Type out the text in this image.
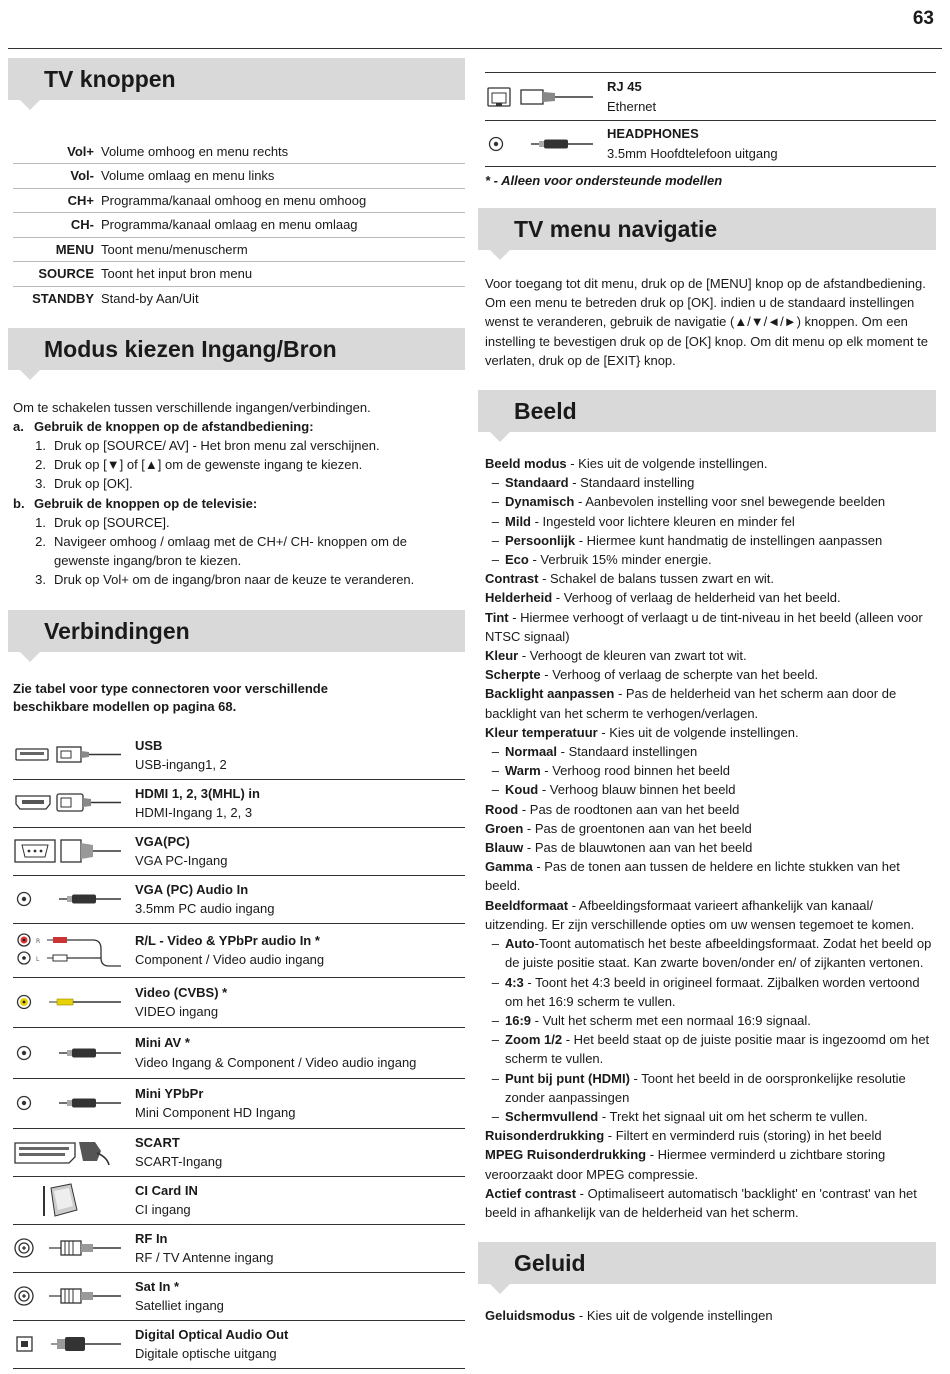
63
TV knoppen
Vol+	Volume omhoog en menu rechts
Vol-	Volume omlaag en menu links
CH+	Programma/kanaal omhoog en menu omhoog
CH-	Programma/kanaal omlaag en menu omlaag
MENU	Toont menu/menuscherm
SOURCE	Toont het input bron menu
STANDBY	Stand-by Aan/Uit
Modus kiezen Ingang/Bron
Om te schakelen tussen verschillende ingangen/verbindingen.
a. Gebruik de knoppen op de afstandbediening:
1. Druk op [SOURCE/ AV] - Het bron menu zal verschijnen.
2. Druk op [▼] of [▲] om de gewenste ingang te kiezen.
3. Druk op [OK].
b. Gebruik de knoppen op de televisie:
1. Druk op [SOURCE].
2. Navigeer omhoog / omlaag met de CH+/ CH- knoppen om de gewenste ingang/bron te kiezen.
3. Druk op Vol+ om de ingang/bron naar de keuze te veranderen.
Verbindingen
Zie tabel voor type connectoren voor verschillende beschikbare modellen op pagina 68.
USB
USB-ingang1, 2
HDMI 1, 2, 3(MHL) in
HDMI-Ingang 1, 2, 3
VGA(PC)
VGA PC-Ingang
VGA (PC) Audio In
3.5mm PC audio ingang
R
L
R/L - Video & YPbPr audio In *
Component / Video audio ingang
Video (CVBS) *
VIDEO ingang
Mini AV *
Video Ingang & Component / Video audio ingang
Mini YPbPr
Mini Component HD Ingang
SCART
SCART-Ingang
CI Card IN
CI ingang
RF In
RF / TV Antenne ingang
Sat In *
Satelliet ingang
Digital Optical Audio Out
Digitale optische uitgang
RJ 45
Ethernet
HEADPHONES
3.5mm Hoofdtelefoon uitgang
* - Alleen voor ondersteunde modellen
TV menu navigatie
Voor toegang tot dit menu, druk op de [MENU] knop op de afstandbediening. Om een menu te betreden druk op [OK]. indien u de standaard instellingen wenst te veranderen, gebruik de navigatie (▲/▼/◄/►) knoppen. Om een instelling te bevestigen druk op de [OK] knop. Om dit menu op elk moment te verlaten, druk op de [EXIT} knop.
Beeld
Beeld modus - Kies uit de volgende instellingen.
– Standaard - Standaard instelling
– Dynamisch - Aanbevolen instelling voor snel bewegende beelden
– Mild - Ingesteld voor lichtere kleuren en minder fel
– Persoonlijk - Hiermee kunt handmatig de instellingen aanpassen
– Eco - Verbruik 15% minder energie.
Contrast - Schakel de balans tussen zwart en wit.
Helderheid - Verhoog of verlaag de helderheid van het beeld.
Tint - Hiermee verhoogt of verlaagt u de tint-niveau in het beeld (alleen voor NTSC signaal)
Kleur - Verhoogt de kleuren van zwart tot wit.
Scherpte - Verhoog of verlaag de scherpte van het beeld.
Backlight aanpassen - Pas de helderheid van het scherm aan door de backlight van het scherm te verhogen/verlagen.
Kleur temperatuur - Kies uit de volgende instellingen.
– Normaal - Standaard instellingen
– Warm - Verhoog rood binnen het beeld
– Koud - Verhoog blauw binnen het beeld
Rood - Pas de roodtonen aan van het beeld
Groen - Pas de groentonen aan van het beeld
Blauw - Pas de blauwtonen aan van het beeld
Gamma - Pas de tonen aan tussen de heldere en lichte stukken van het beeld.
Beeldformaat - Afbeeldingsformaat varieert afhankelijk van kanaal/ uitzending. Er zijn verschillende opties om uw wensen tegemoet te komen.
– Auto-Toont automatisch het beste afbeeldingsformaat. Zodat het beeld op de juiste positie staat. Kan zwarte boven/onder en/ of zijkanten vertonen.
– 4:3 - Toont het 4:3 beeld in origineel formaat. Zijbalken worden vertoond om het 16:9 scherm te vullen.
– 16:9 - Vult het scherm met een normaal 16:9 signaal.
– Zoom 1/2 - Het beeld staat op de juiste positie maar is ingezoomd om het scherm te vullen.
– Punt bij punt (HDMI) - Toont het beeld in de oorspronkelijke resolutie zonder aanpassingen
– Schermvullend - Trekt het signaal uit om het scherm te vullen.
Ruisonderdrukking - Filtert en verminderd ruis (storing) in het beeld
MPEG Ruisonderdrukking - Hiermee verminderd u zichtbare storing veroorzaakt door MPEG compressie.
Actief contrast - Optimaliseert automatisch 'backlight' en 'contrast' van het beeld in afhankelijk van de helderheid van het scherm.
Geluid
Geluidsmodus - Kies uit de volgende instellingen
